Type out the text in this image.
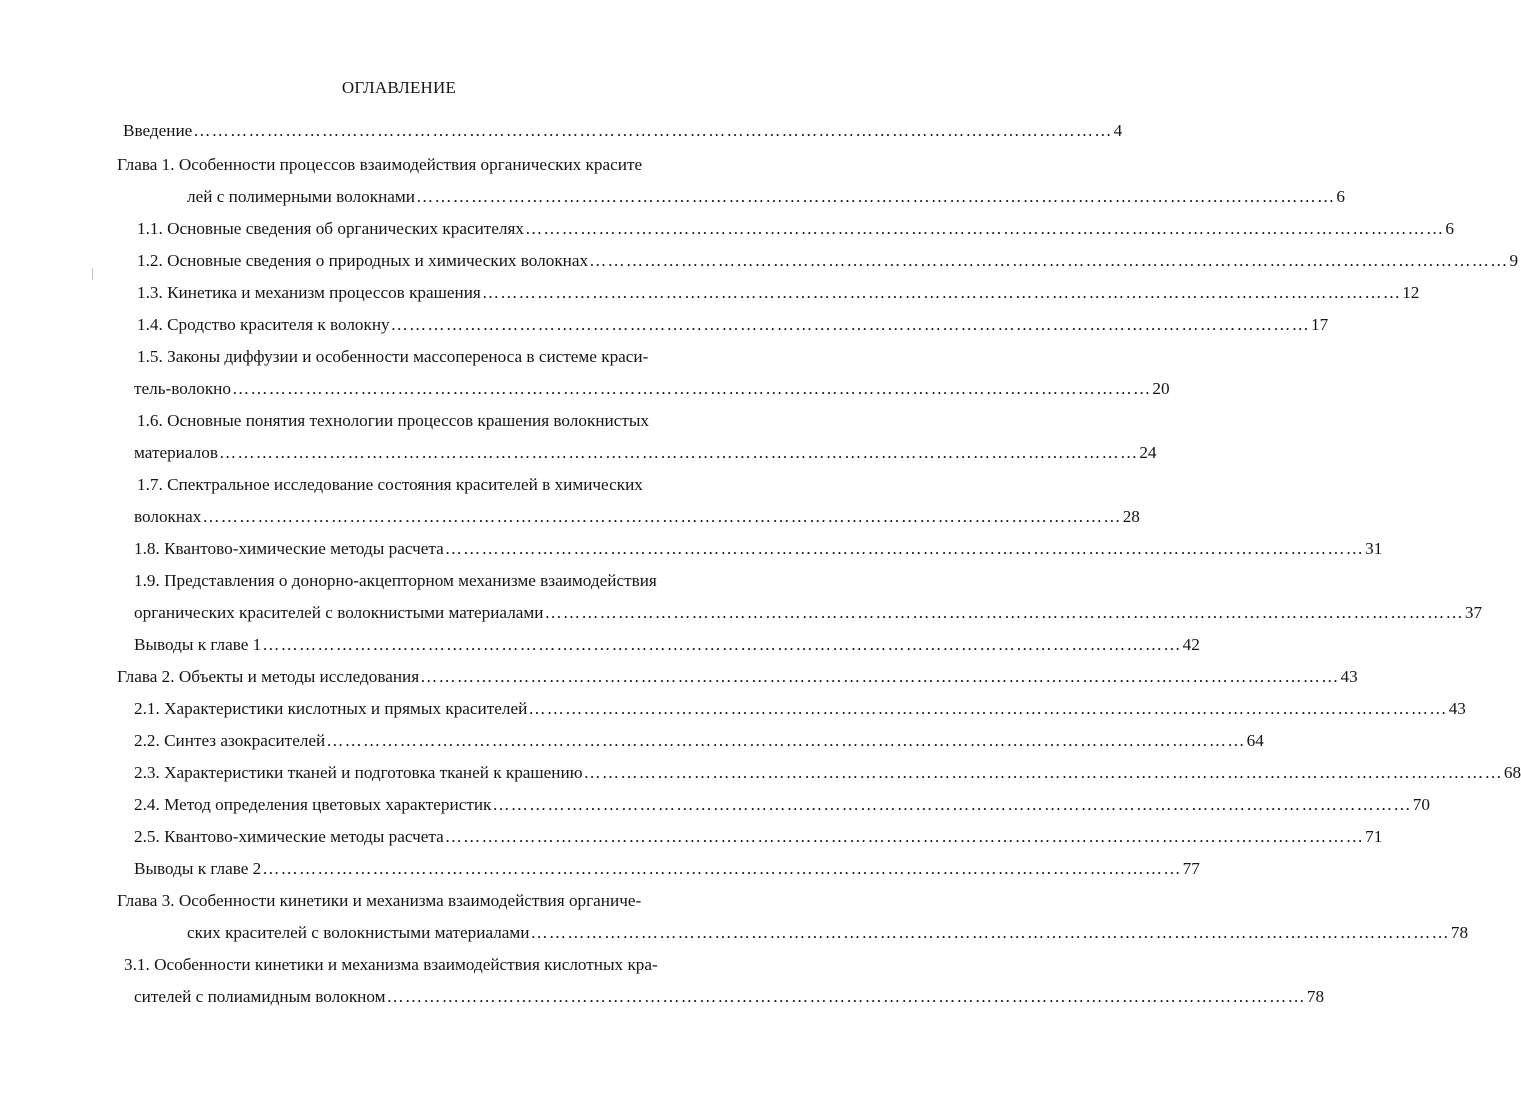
ОГЛАВЛЕНИЕ
Введение …………………………………………………………………………………………………………………………………… 4
Глава 1. Особенности процессов взаимодействия органических красите
лей с полимерными волокнами …………………………………………………………………………………………………………………………………… 6
1.1. Основные сведения об органических красителях …………………………………………………………………………………………………………………………………… 6
1.2. Основные сведения о природных и химических волокнах …………………………………………………………………………………………………………………………………… 9
1.3. Кинетика и механизм процессов крашения …………………………………………………………………………………………………………………………………… 12
1.4. Сродство красителя к волокну …………………………………………………………………………………………………………………………………… 17
1.5. Законы диффузии и особенности массопереноса в системе краси-
тель-волокно …………………………………………………………………………………………………………………………………… 20
1.6. Основные понятия технологии процессов крашения волокнистых
материалов …………………………………………………………………………………………………………………………………… 24
1.7. Спектральное исследование состояния красителей в химических
волокнах …………………………………………………………………………………………………………………………………… 28
1.8. Квантово-химические методы расчета …………………………………………………………………………………………………………………………………… 31
1.9. Представления о донорно-акцепторном механизме взаимодействия
органических красителей с волокнистыми материалами …………………………………………………………………………………………………………………………………… 37
Выводы к главе 1 …………………………………………………………………………………………………………………………………… 42
Глава 2. Объекты и методы исследования …………………………………………………………………………………………………………………………………… 43
2.1. Характеристики кислотных и прямых красителей …………………………………………………………………………………………………………………………………… 43
2.2. Синтез азокрасителей …………………………………………………………………………………………………………………………………… 64
2.3. Характеристики тканей и подготовка тканей к крашению …………………………………………………………………………………………………………………………………… 68
2.4. Метод определения цветовых характеристик …………………………………………………………………………………………………………………………………… 70
2.5. Квантово-химические методы расчета …………………………………………………………………………………………………………………………………… 71
Выводы к главе 2 …………………………………………………………………………………………………………………………………… 77
Глава 3. Особенности кинетики и механизма взаимодействия органиче-
ских красителей с волокнистыми материалами …………………………………………………………………………………………………………………………………… 78
3.1. Особенности кинетики и механизма взаимодействия кислотных кра-
сителей с полиамидным волокном …………………………………………………………………………………………………………………………………… 78
